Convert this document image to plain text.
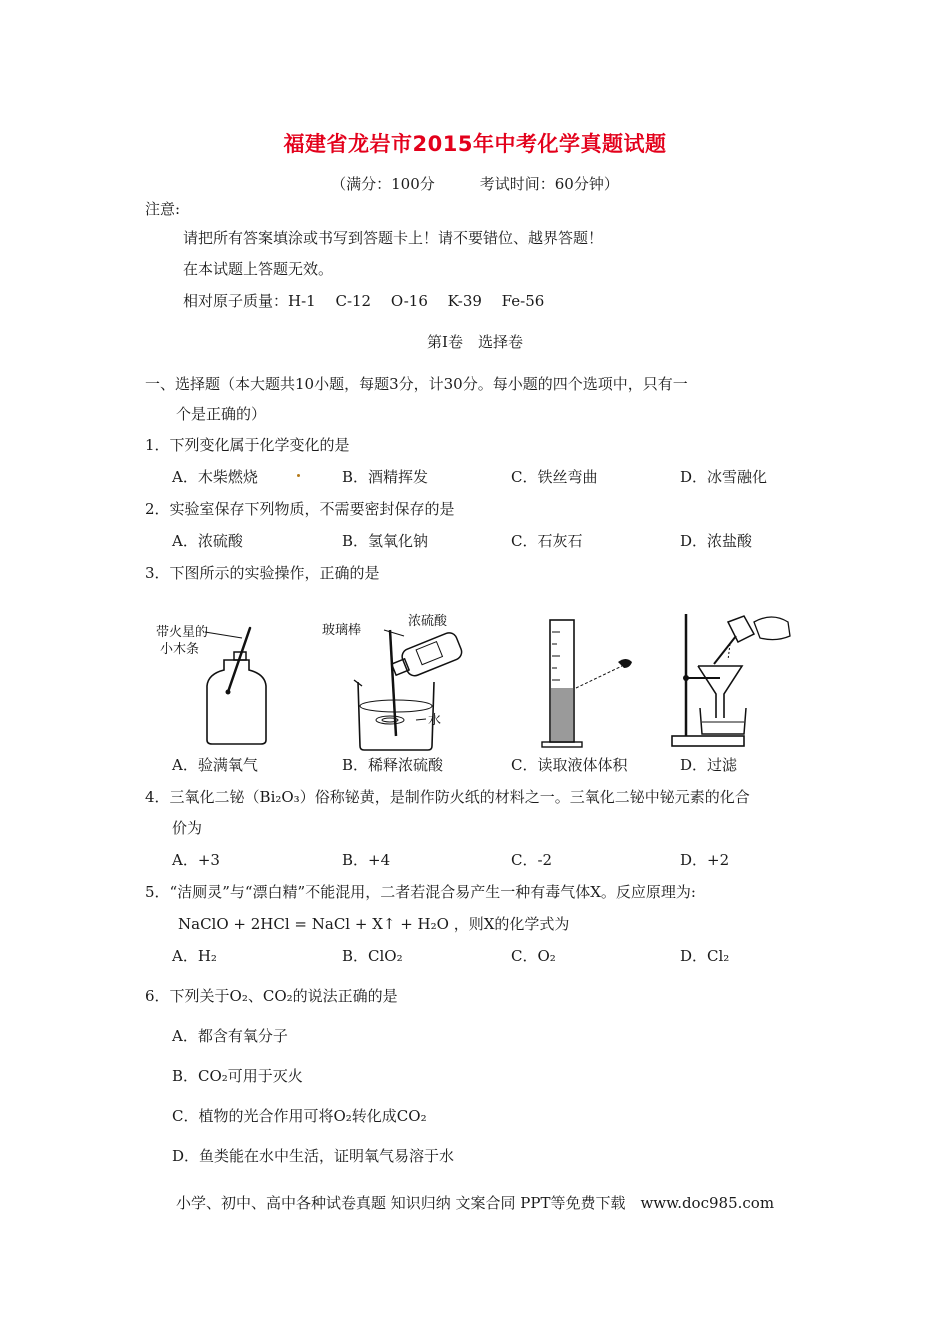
福建省龙岩市2015年中考化学真题试题
（满分：100分　　　考试时间：60分钟）
注意:
请把所有答案填涂或书写到答题卡上！请不要错位、越界答题！
在本试题上答题无效。
相对原子质量：H-1　 C-12　 O-16　 K-39　 Fe-56
第Ⅰ卷　选择卷
一、选择题（本大题共10小题，每题3分，计30分。每小题的四个选项中，只有一
个是正确的）
1．下列变化属于化学变化的是
A．木柴燃烧	B．酒精挥发	C．铁丝弯曲	D．冰雪融化
2．实验室保存下列物质，不需要密封保存的是
A．浓硫酸	B．氢氧化钠	C．石灰石	D．浓盐酸
3．下图所示的实验操作，正确的是
带火星的
小木条
玻璃棒
浓硫酸
水
A．验满氧气	B．稀释浓硫酸	C．读取液体体积	D．过滤
4．三氧化二铋（Bi₂O₃）俗称铋黄，是制作防火纸的材料之一。三氧化二铋中铋元素的化合
价为
A．+3	B．+4	C．-2	D．+2
5．“洁厕灵”与“漂白精”不能混用，二者若混合易产生一种有毒气体X。反应原理为:
NaClO + 2HCl = NaCl + X↑ + H₂O ，则X的化学式为
A．H₂	B．ClO₂	C．O₂	D．Cl₂
6．下列关于O₂、CO₂的说法正确的是
A．都含有氧分子
B．CO₂可用于灭火
C．植物的光合作用可将O₂转化成CO₂
D．鱼类能在水中生活，证明氧气易溶于水
小学、初中、高中各种试卷真题 知识归纳 文案合同 PPT等免费下载　www.doc985.com
